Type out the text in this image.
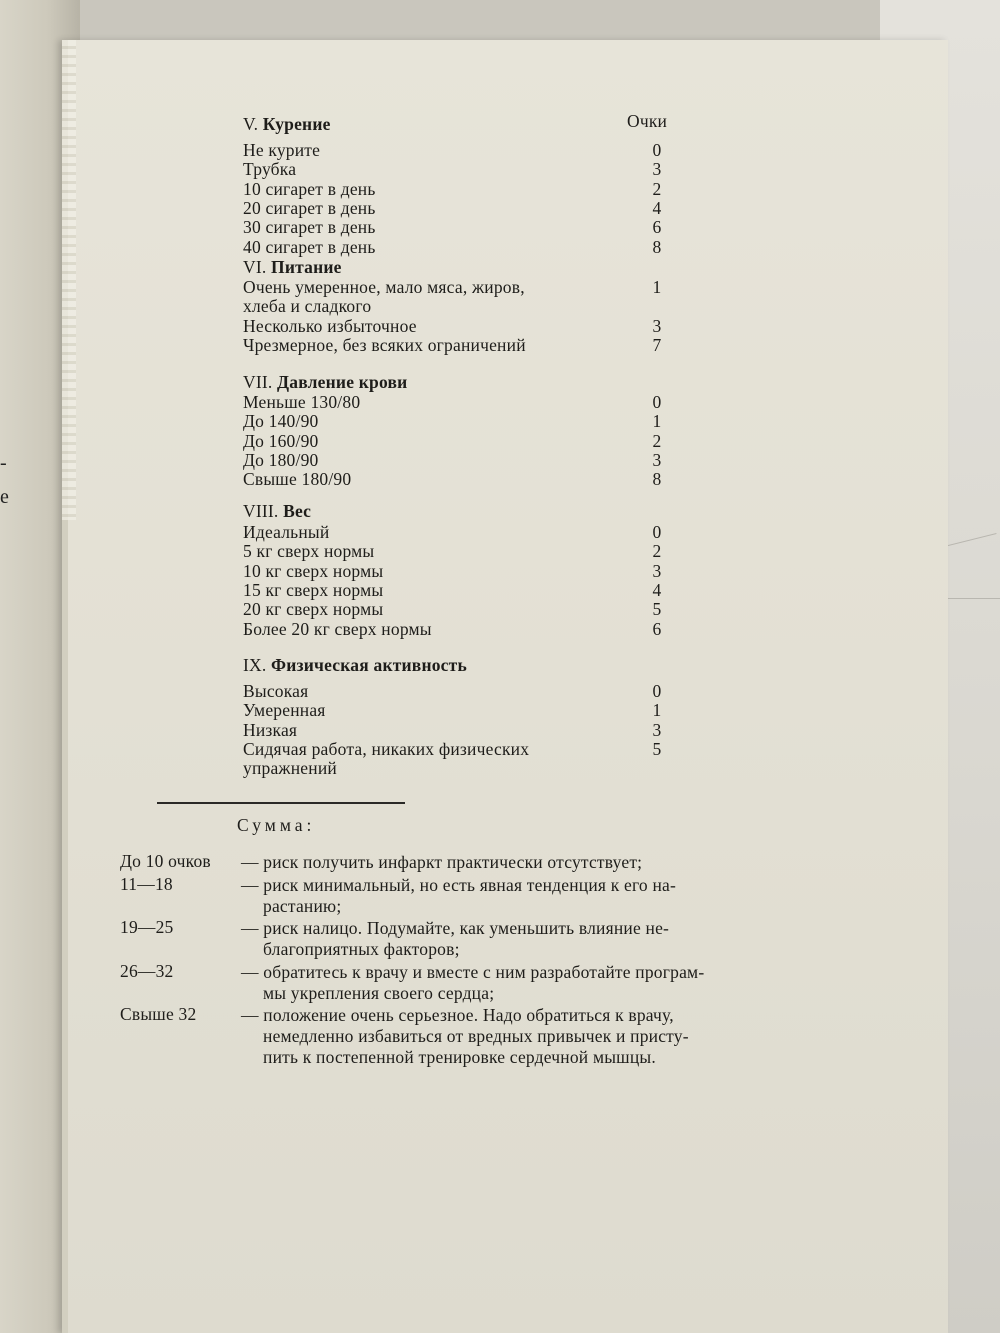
-
e
Очки
V. Курение
Не курите	0
Трубка	3
10 сигарет в день	2
20 сигарет в день	4
30 сигарет в день	6
40 сигарет в день	8
VI. Питание
Очень умеренное, мало мяса, жиров,	1
хлеба и сладкого
Несколько избыточное	3
Чрезмерное, без всяких ограничений	7
VII. Давление крови
Меньше 130/80	0
До 140/90	1
До 160/90	2
До 180/90	3
Свыше 180/90	8
VIII. Вес
Идеальный	0
5 кг сверх нормы	2
10 кг сверх нормы	3
15 кг сверх нормы	4
20 кг сверх нормы	5
Более 20 кг сверх нормы	6
IX. Физическая активность
Высокая	0
Умеренная	1
Низкая	3
Сидячая работа, никаких физических	5
упражнений
Сумма:
До 10 очков — риск получить инфаркт практически отсутствует;
11—18	— риск минимальный, но есть явная тенденция к его на-
растанию;
19—25	— риск налицо. Подумайте, как уменьшить влияние не-
благоприятных факторов;
26—32	— обратитесь к врачу и вместе с ним разработайте програм-
мы укрепления своего сердца;
Свыше 32	— положение очень серьезное. Надо обратиться к врачу,
немедленно избавиться от вредных привычек и присту-
пить к постепенной тренировке сердечной мышцы.
